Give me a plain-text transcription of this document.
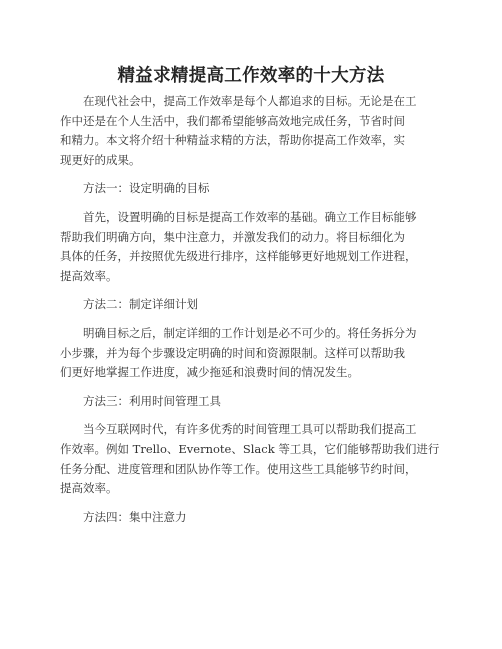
精益求精提高工作效率的十大方法
在现代社会中，提高工作效率是每个人都追求的目标。无论是在工
作中还是在个人生活中，我们都希望能够高效地完成任务，节省时间
和精力。本文将介绍十种精益求精的方法，帮助你提高工作效率，实
现更好的成果。
方法一：设定明确的目标
首先，设置明确的目标是提高工作效率的基础。确立工作目标能够
帮助我们明确方向，集中注意力，并激发我们的动力。将目标细化为
具体的任务，并按照优先级进行排序，这样能够更好地规划工作进程，
提高效率。
方法二：制定详细计划
明确目标之后，制定详细的工作计划是必不可少的。将任务拆分为
小步骤，并为每个步骤设定明确的时间和资源限制。这样可以帮助我
们更好地掌握工作进度，减少拖延和浪费时间的情况发生。
方法三：利用时间管理工具
当今互联网时代，有许多优秀的时间管理工具可以帮助我们提高工
作效率。例如 Trello、Evernote、Slack 等工具，它们能够帮助我们进行
任务分配、进度管理和团队协作等工作。使用这些工具能够节约时间，
提高效率。
方法四：集中注意力
